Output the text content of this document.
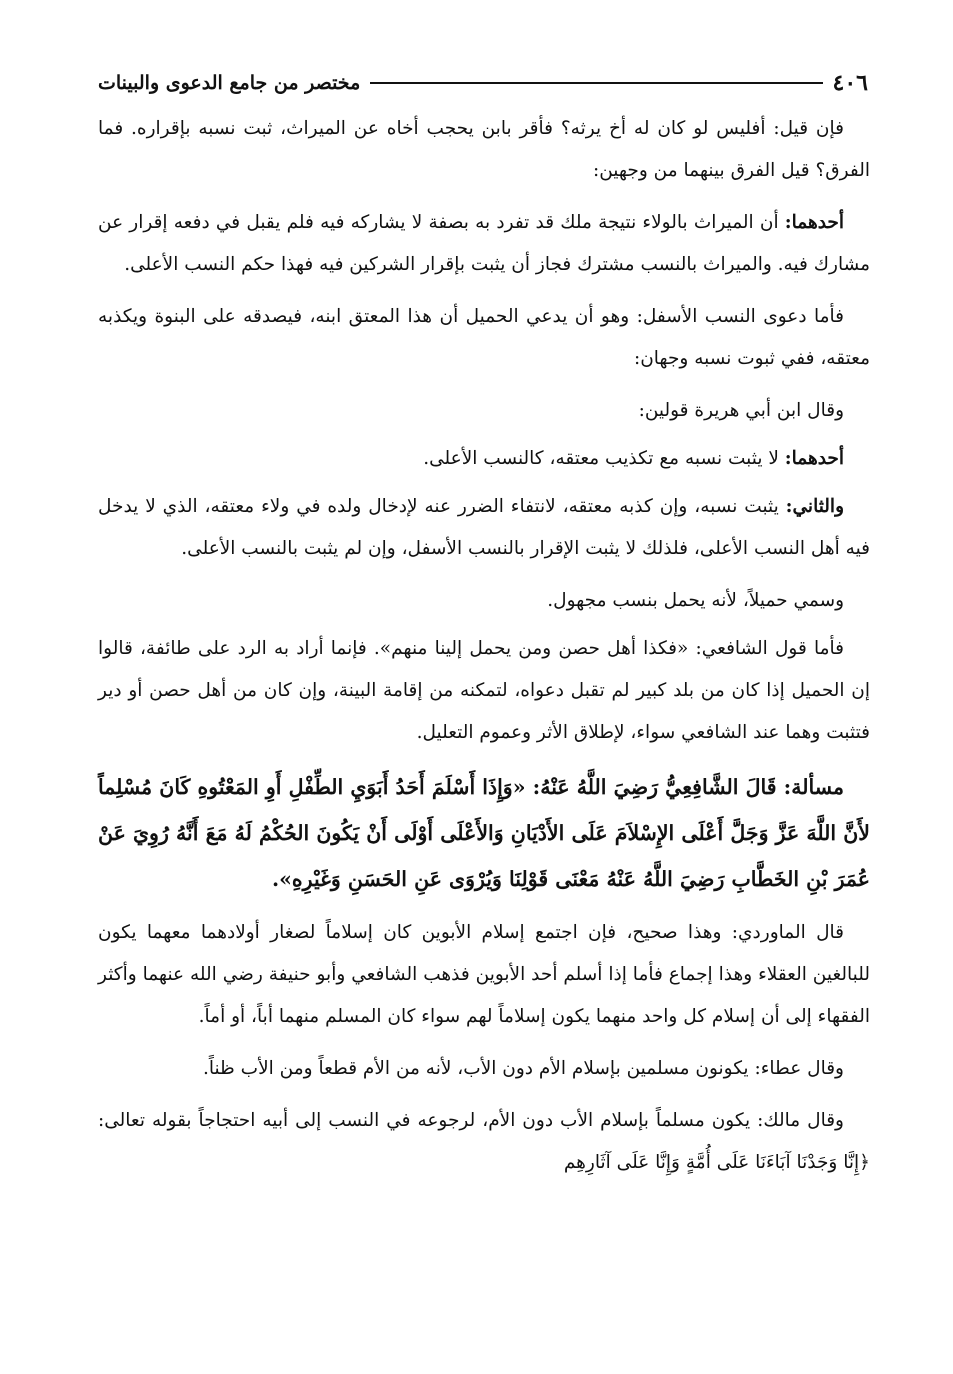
٤٠٦
مختصر من جامع الدعوى والبينات

فإن قيل: أفليس لو كان له أخ يرثه؟ فأقر بابن يحجب أخاه عن الميراث، ثبت نسبه بإقراره. فما الفرق؟ قيل الفرق بينهما من وجهين:

أحدهما: أن الميراث بالولاء نتيجة ملك قد تفرد به بصفة لا يشاركه فيه فلم يقبل في دفعه إقرار عن مشارك فيه. والميراث بالنسب مشترك فجاز أن يثبت بإقرار الشركين فيه فهذا حكم النسب الأعلى.

فأما دعوى النسب الأسفل: وهو أن يدعي الحميل أن هذا المعتق ابنه، فيصدقه على البنوة ويكذبه معتقه، ففي ثبوت نسبه وجهان:

وقال ابن أبي هريرة قولين:

أحدهما: لا يثبت نسبه مع تكذيب معتقه، كالنسب الأعلى.

والثاني: يثبت نسبه، وإن كذبه معتقه، لانتفاء الضرر عنه لإدخال ولده في ولاء معتقه، الذي لا يدخل فيه أهل النسب الأعلى، فلذلك لا يثبت الإقرار بالنسب الأسفل، وإن لم يثبت بالنسب الأعلى.

وسمي حميلاً، لأنه يحمل بنسب مجهول.

فأما قول الشافعي: «فكذا أهل حصن ومن يحمل إلينا منهم». فإنما أراد به الرد على طائفة، قالوا إن الحميل إذا كان من بلد كبير لم تقبل دعواه، لتمكنه من إقامة البينة، وإن كان من أهل حصن أو دير فتثبت وهما عند الشافعي سواء، لإطلاق الأثر وعموم التعليل.

مسألة: قَالَ الشَّافِعِيُّ رَضِيَ اللَّهُ عَنْهُ: «وَإِذَا أَسْلَمَ أَحَدُ أَبَوَيِ الطِّفْلِ أَوِ المَعْتُوهِ كَانَ مُسْلِماً لأَنَّ اللَّهَ عَزَّ وَجَلَّ أَعْلَى الإِسْلاَمَ عَلَى الأَدْيَانِ وَالأَعْلَى أَوْلَى أَنْ يَكُونَ الحُكْمُ لَهُ مَعَ أَنَّهُ رُوِيَ عَنْ عُمَرَ بْنِ الخَطَّابِ رَضِيَ اللَّهُ عَنْهُ مَعْنَى قَوْلِنَا وَيُرْوَى عَنِ الحَسَنِ وَغَيْرِهِ».

قال الماوردي: وهذا صحيح، فإن اجتمع إسلام الأبوين كان إسلاماً لصغار أولادهما معهما يكون للبالغين العقلاء وهذا إجماع فأما إذا أسلم أحد الأبوين فذهب الشافعي وأبو حنيفة رضي الله عنهما وأكثر الفقهاء إلى أن إسلام كل واحد منهما يكون إسلاماً لهم سواء كان المسلم منهما أباً، أو أماً.

وقال عطاء: يكونون مسلمين بإسلام الأم دون الأب، لأنه من الأم قطعاً ومن الأب ظناً.

وقال مالك: يكون مسلماً بإسلام الأب دون الأم، لرجوعه في النسب إلى أبيه احتجاجاً بقوله تعالى: ﴿إِنَّا وَجَدْنَا آبَاءَنَا عَلَى أُمَّةٍ وَإِنَّا عَلَى آثَارِهِم
